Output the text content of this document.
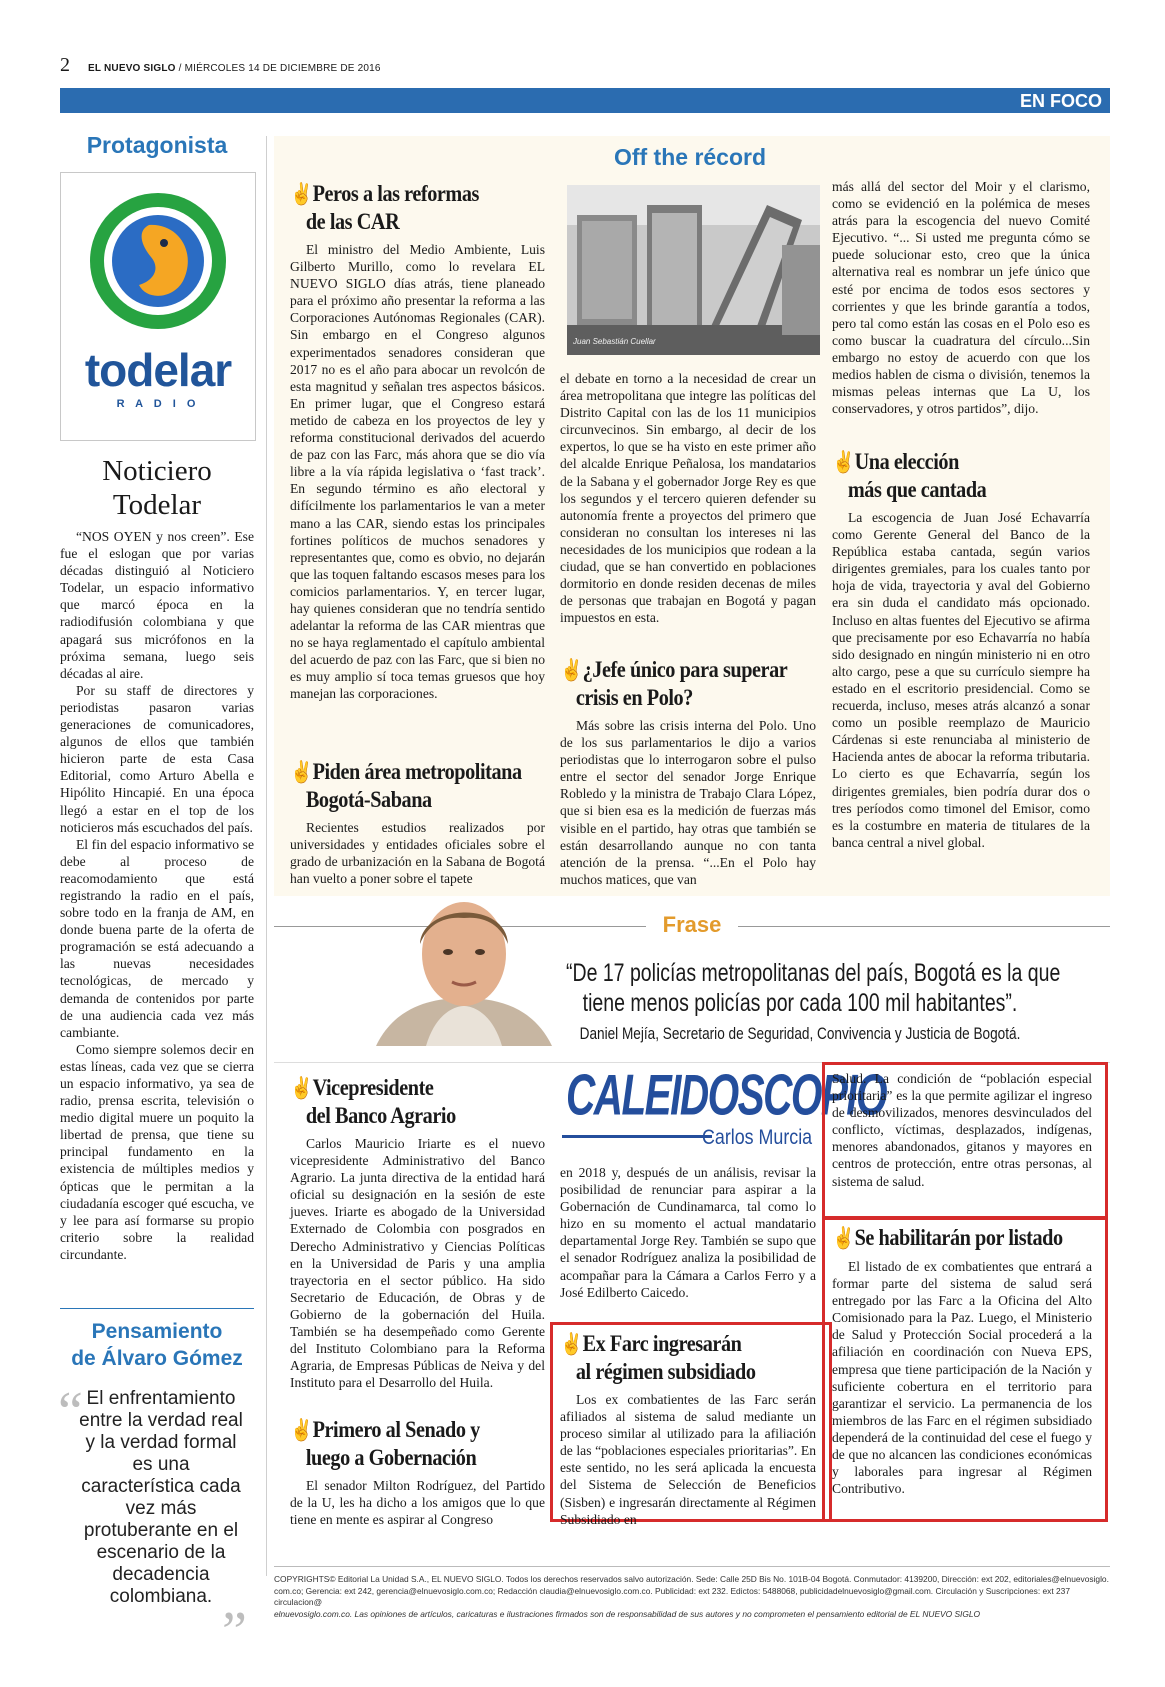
2 EL NUEVO SIGLO / MIÉRCOLES 14 DE DICIEMBRE DE 2016
EN FOCO
Protagonista
todelar
R A D I O
Noticiero
Todelar

“NOS OYEN y nos creen”. Ese fue el eslogan que por varias décadas distinguió al Noticiero Todelar, un espacio informativo que marcó época en la radiodifusión colombiana y que apagará sus micrófonos en la próxima semana, luego seis décadas al aire.

Por su staff de directores y periodistas pasaron varias generaciones de comunicadores, algunos de ellos que también hicieron parte de esta Casa Editorial, como Arturo Abella e Hipólito Hincapié. En una época llegó a estar en el top de los noticieros más escuchados del país.

El fin del espacio informativo se debe al proceso de reacomodamiento que está registrando la radio en el país, sobre todo en la franja de AM, en donde buena parte de la oferta de programación se está adecuando a las nuevas necesidades tecnológicas, de mercado y demanda de contenidos por parte de una audiencia cada vez más cambiante.

Como siempre solemos decir en estas líneas, cada vez que se cierra un espacio informativo, ya sea de radio, prensa escrita, televisión o medio digital muere un poquito la libertad de prensa, que tiene su principal fundamento en la existencia de múltiples medios y ópticas que le permitan a la ciudadanía escoger qué escucha, ve y lee para así formarse su propio criterio sobre la realidad circundante.

Pensamiento
de Álvaro Gómez
“ El enfrentamiento entre la verdad real y la verdad formal es una característica cada vez más protuberante en el escenario de la decadencia colombiana.
”
Off the récord
Juan Sebastián Cuellar
✌Peros a las reformas
de las CAR

El ministro del Medio Ambiente, Luis Gilberto Murillo, como lo revelara EL NUEVO SIGLO días atrás, tiene planeado para el próximo año presentar la reforma a las Corporaciones Autónomas Regionales (CAR). Sin embargo en el Congreso algunos experimentados senadores consideran que 2017 no es el año para abocar un revolcón de esta magnitud y señalan tres aspectos básicos. En primer lugar, que el Congreso estará metido de cabeza en los proyectos de ley y reforma constitucional derivados del acuerdo de paz con las Farc, más ahora que se dio vía libre a la vía rápida legislativa o ‘fast track’. En segundo término es año electoral y difícilmente los parlamentarios le van a meter mano a las CAR, siendo estas los principales fortines políticos de muchos senadores y representantes que, como es obvio, no dejarán que las toquen faltando escasos meses para los comicios parlamentarios. Y, en tercer lugar, hay quienes consideran que no tendría sentido adelantar la reforma de las CAR mientras que no se haya reglamentado el capítulo ambiental del acuerdo de paz con las Farc, que si bien no es muy amplio sí toca temas gruesos que hoy manejan las corporaciones.

✌Piden área metropolitana
Bogotá-Sabana

Recientes estudios realizados por universidades y entidades oficiales sobre el grado de urbanización en la Sabana de Bogotá han vuelto a poner sobre el tapete

el debate en torno a la necesidad de crear un área metropolitana que integre las políticas del Distrito Capital con las de los 11 municipios circunvecinos. Sin embargo, al decir de los expertos, lo que se ha visto en este primer año del alcalde Enrique Peñalosa, los mandatarios de la Sabana y el gobernador Jorge Rey es que los segundos y el tercero quieren defender su autonomía frente a proyectos del primero que consideran no consultan los intereses ni las necesidades de los municipios que rodean a la ciudad, que se han convertido en poblaciones dormitorio en donde residen decenas de miles de personas que trabajan en Bogotá y pagan impuestos en esta.

✌¿Jefe único para superar
crisis en Polo?

Más sobre las crisis interna del Polo. Uno de los sus parlamentarios le dijo a varios periodistas que lo interrogaron sobre el pulso entre el sector del senador Jorge Enrique Robledo y la ministra de Trabajo Clara López, que si bien esa es la medición de fuerzas más visible en el partido, hay otras que también se están desarrollando aunque no con tanta atención de la prensa. “...En el Polo hay muchos matices, que van

más allá del sector del Moir y el clarismo, como se evidenció en la polémica de meses atrás para la escogencia del nuevo Comité Ejecutivo. “... Si usted me pregunta cómo se puede solucionar esto, creo que la única alternativa real es nombrar un jefe único que esté por encima de todos esos sectores y corrientes y que les brinde garantía a todos, pero tal como están las cosas en el Polo eso es como buscar la cuadratura del círculo...Sin embargo no estoy de acuerdo con que los medios hablen de cisma o división, tenemos la mismas peleas internas que La U, los conservadores, y otros partidos”, dijo.

✌Una elección
más que cantada

La escogencia de Juan José Echavarría como Gerente General del Banco de la República estaba cantada, según varios dirigentes gremiales, para los cuales tanto por hoja de vida, trayectoria y aval del Gobierno era sin duda el candidato más opcionado. Incluso en altas fuentes del Ejecutivo se afirma que precisamente por eso Echavarría no había sido designado en ningún ministerio ni en otro alto cargo, pese a que su currículo siempre ha estado en el escritorio presidencial. Como se recuerda, incluso, meses atrás alcanzó a sonar como un posible reemplazo de Mauricio Cárdenas si este renunciaba al ministerio de Hacienda antes de abocar la reforma tributaria. Lo cierto es que Echavarría, según los dirigentes gremiales, bien podría durar dos o tres períodos como timonel del Emisor, como es la costumbre en materia de titulares de la banca central a nivel global.

Frase
“De 17 policías metropolitanas del país, Bogotá es la que
tiene menos policías por cada 100 mil habitantes”.
Daniel Mejía, Secretario de Seguridad, Convivencia y Justicia de Bogotá.
✌Vicepresidente
del Banco Agrario

Carlos Mauricio Iriarte es el nuevo vicepresidente Administrativo del Banco Agrario. La junta directiva de la entidad hará oficial su designación en la sesión de este jueves. Iriarte es abogado de la Universidad Externado de Colombia con posgrados en Derecho Administrativo y Ciencias Políticas en la Universidad de Paris y una amplia trayectoria en el sector público. Ha sido Secretario de Educación, de Obras y de Gobierno de la gobernación del Huila. También se ha desempeñado como Gerente del Instituto Colombiano para la Reforma Agraria, de Empresas Públicas de Neiva y del Instituto para el Desarrollo del Huila.

✌Primero al Senado y
luego a Gobernación

El senador Milton Rodríguez, del Partido de la U, les ha dicho a los amigos que lo que tiene en mente es aspirar al Congreso

CALEIDOSCOPIO
Carlos Murcia

en 2018 y, después de un análisis, revisar la posibilidad de renunciar para aspirar a la Gobernación de Cundinamarca, tal como lo hizo en su momento el actual mandatario departamental Jorge Rey. También se supo que el senador Rodríguez analiza la posibilidad de acompañar para la Cámara a Carlos Ferro y a José Edilberto Caicedo.

✌Ex Farc ingresarán
al régimen subsidiado

Los ex combatientes de las Farc serán afiliados al sistema de salud mediante un proceso similar al utilizado para la afiliación de las “poblaciones especiales prioritarias”. En este sentido, no les será aplicada la encuesta del Sistema de Selección de Beneficios (Sisben) e ingresarán directamente al Régimen Subsidiado en

Salud. La condición de “población especial prioritaria” es la que permite agilizar el ingreso de desmovilizados, menores desvinculados del conflicto, víctimas, desplazados, indígenas, menores abandonados, gitanos y mayores en centros de protección, entre otras personas, al sistema de salud.

✌Se habilitarán por listado

El listado de ex combatientes que entrará a formar parte del sistema de salud será entregado por las Farc a la Oficina del Alto Comisionado para la Paz. Luego, el Ministerio de Salud y Protección Social procederá a la afiliación en coordinación con Nueva EPS, empresa que tiene participación de la Nación y suficiente cobertura en el territorio para garantizar el servicio. La permanencia de los miembros de las Farc en el régimen subsidiado dependerá de la continuidad del cese el fuego y de que no alcancen las condiciones económicas y laborales para ingresar al Régimen Contributivo.

COPYRIGHTS© Editorial La Unidad S.A., EL NUEVO SIGLO. Todos los derechos reservados salvo autorización. Sede: Calle 25D Bis No. 101B-04 Bogotá. Conmutador: 4139200, Dirección: ext 202, editoriales@elnuevosiglo.
com.co; Gerencia: ext 242, gerencia@elnuevosiglo.com.co; Redacción claudia@elnuevosiglo.com.co. Publicidad: ext 232. Edictos: 5488068, publicidadelnuevosiglo@gmail.com. Circulación y Suscripciones: ext 237 circulacion@
elnuevosiglo.com.co. Las opiniones de artículos, caricaturas e ilustraciones firmados son de responsabilidad de sus autores y no comprometen el pensamiento editorial de EL NUEVO SIGLO
